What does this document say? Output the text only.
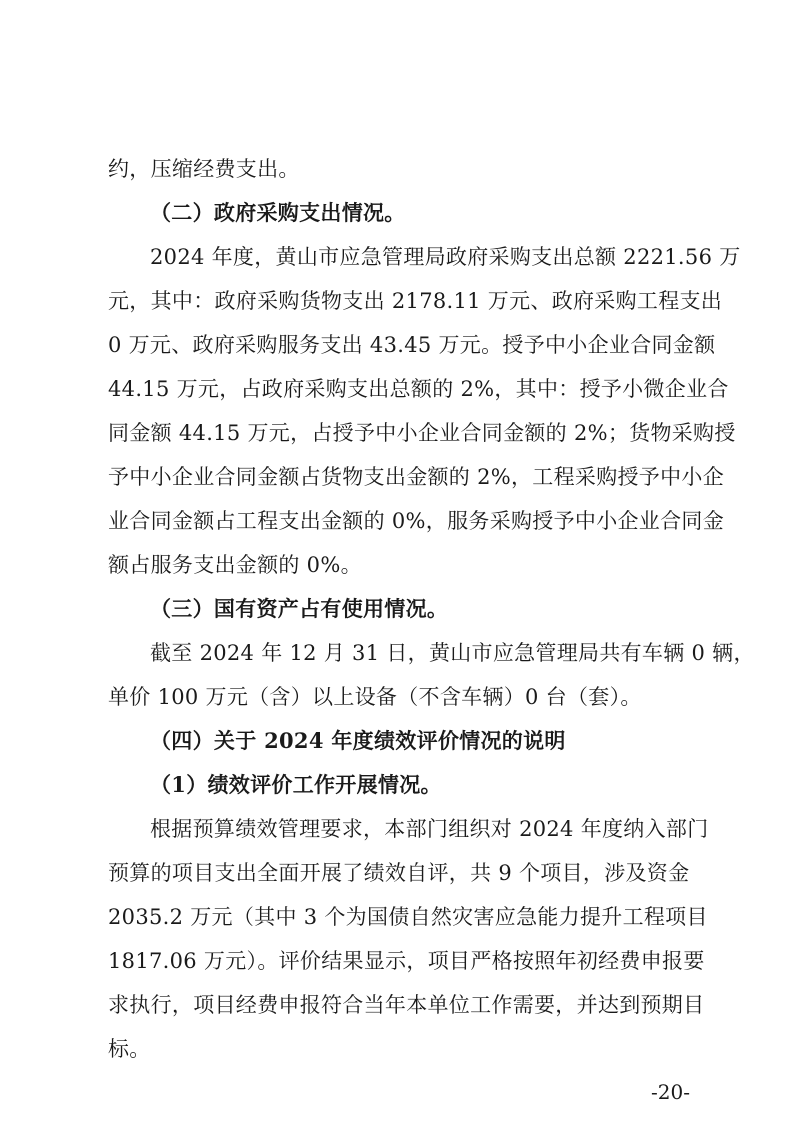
约，压缩经费支出。
（二）政府采购支出情况。
2024 年度，黄山市应急管理局政府采购支出总额 2221.56 万
元，其中：政府采购货物支出 2178.11 万元、政府采购工程支出
0 万元、政府采购服务支出 43.45 万元。授予中小企业合同金额
44.15 万元，占政府采购支出总额的 2%，其中：授予小微企业合
同金额 44.15 万元，占授予中小企业合同金额的 2%；货物采购授
予中小企业合同金额占货物支出金额的 2%，工程采购授予中小企
业合同金额占工程支出金额的 0%，服务采购授予中小企业合同金
额占服务支出金额的 0%。
（三）国有资产占有使用情况。
截至 2024 年 12 月 31 日，黄山市应急管理局共有车辆 0 辆，
单价 100 万元（含）以上设备（不含车辆）0 台（套）。
（四）关于 2024 年度绩效评价情况的说明
（1）绩效评价工作开展情况。
根据预算绩效管理要求，本部门组织对 2024 年度纳入部门
预算的项目支出全面开展了绩效自评，共 9 个项目，涉及资金
2035.2 万元（其中 3 个为国债自然灾害应急能力提升工程项目
1817.06 万元）。评价结果显示，项目严格按照年初经费申报要
求执行，项目经费申报符合当年本单位工作需要，并达到预期目
标。
-20-
